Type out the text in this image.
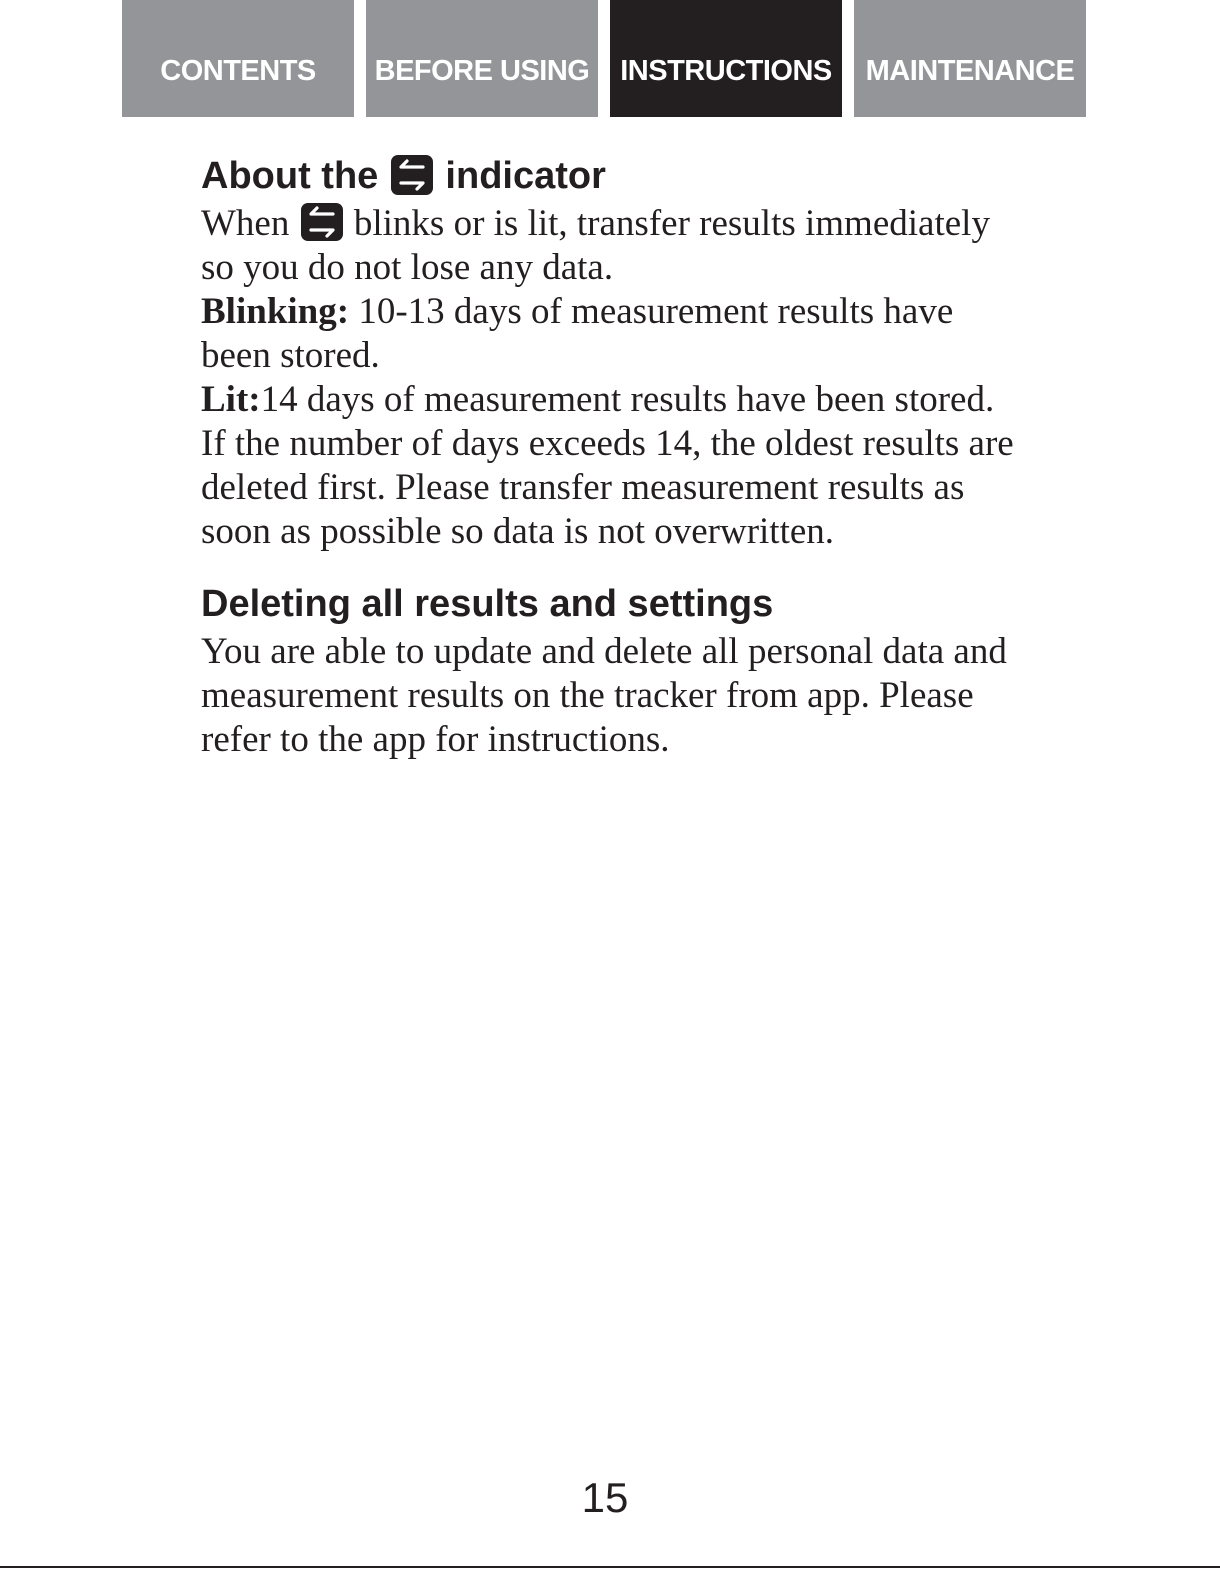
CONTENTS	BEFORE USING	INSTRUCTIONS	MAINTENANCE
About the indicator

When blinks or is lit, transfer results immediately so you do not lose any data.

Blinking: 10-13 days of measurement results have been stored.

Lit:14 days of measurement results have been stored.

If the number of days exceeds 14, the oldest results are deleted first. Please transfer measurement results as soon as possible so data is not overwritten.

Deleting all results and settings

You are able to update and delete all personal data and measurement results on the tracker from app. Please refer to the app for instructions.

15
